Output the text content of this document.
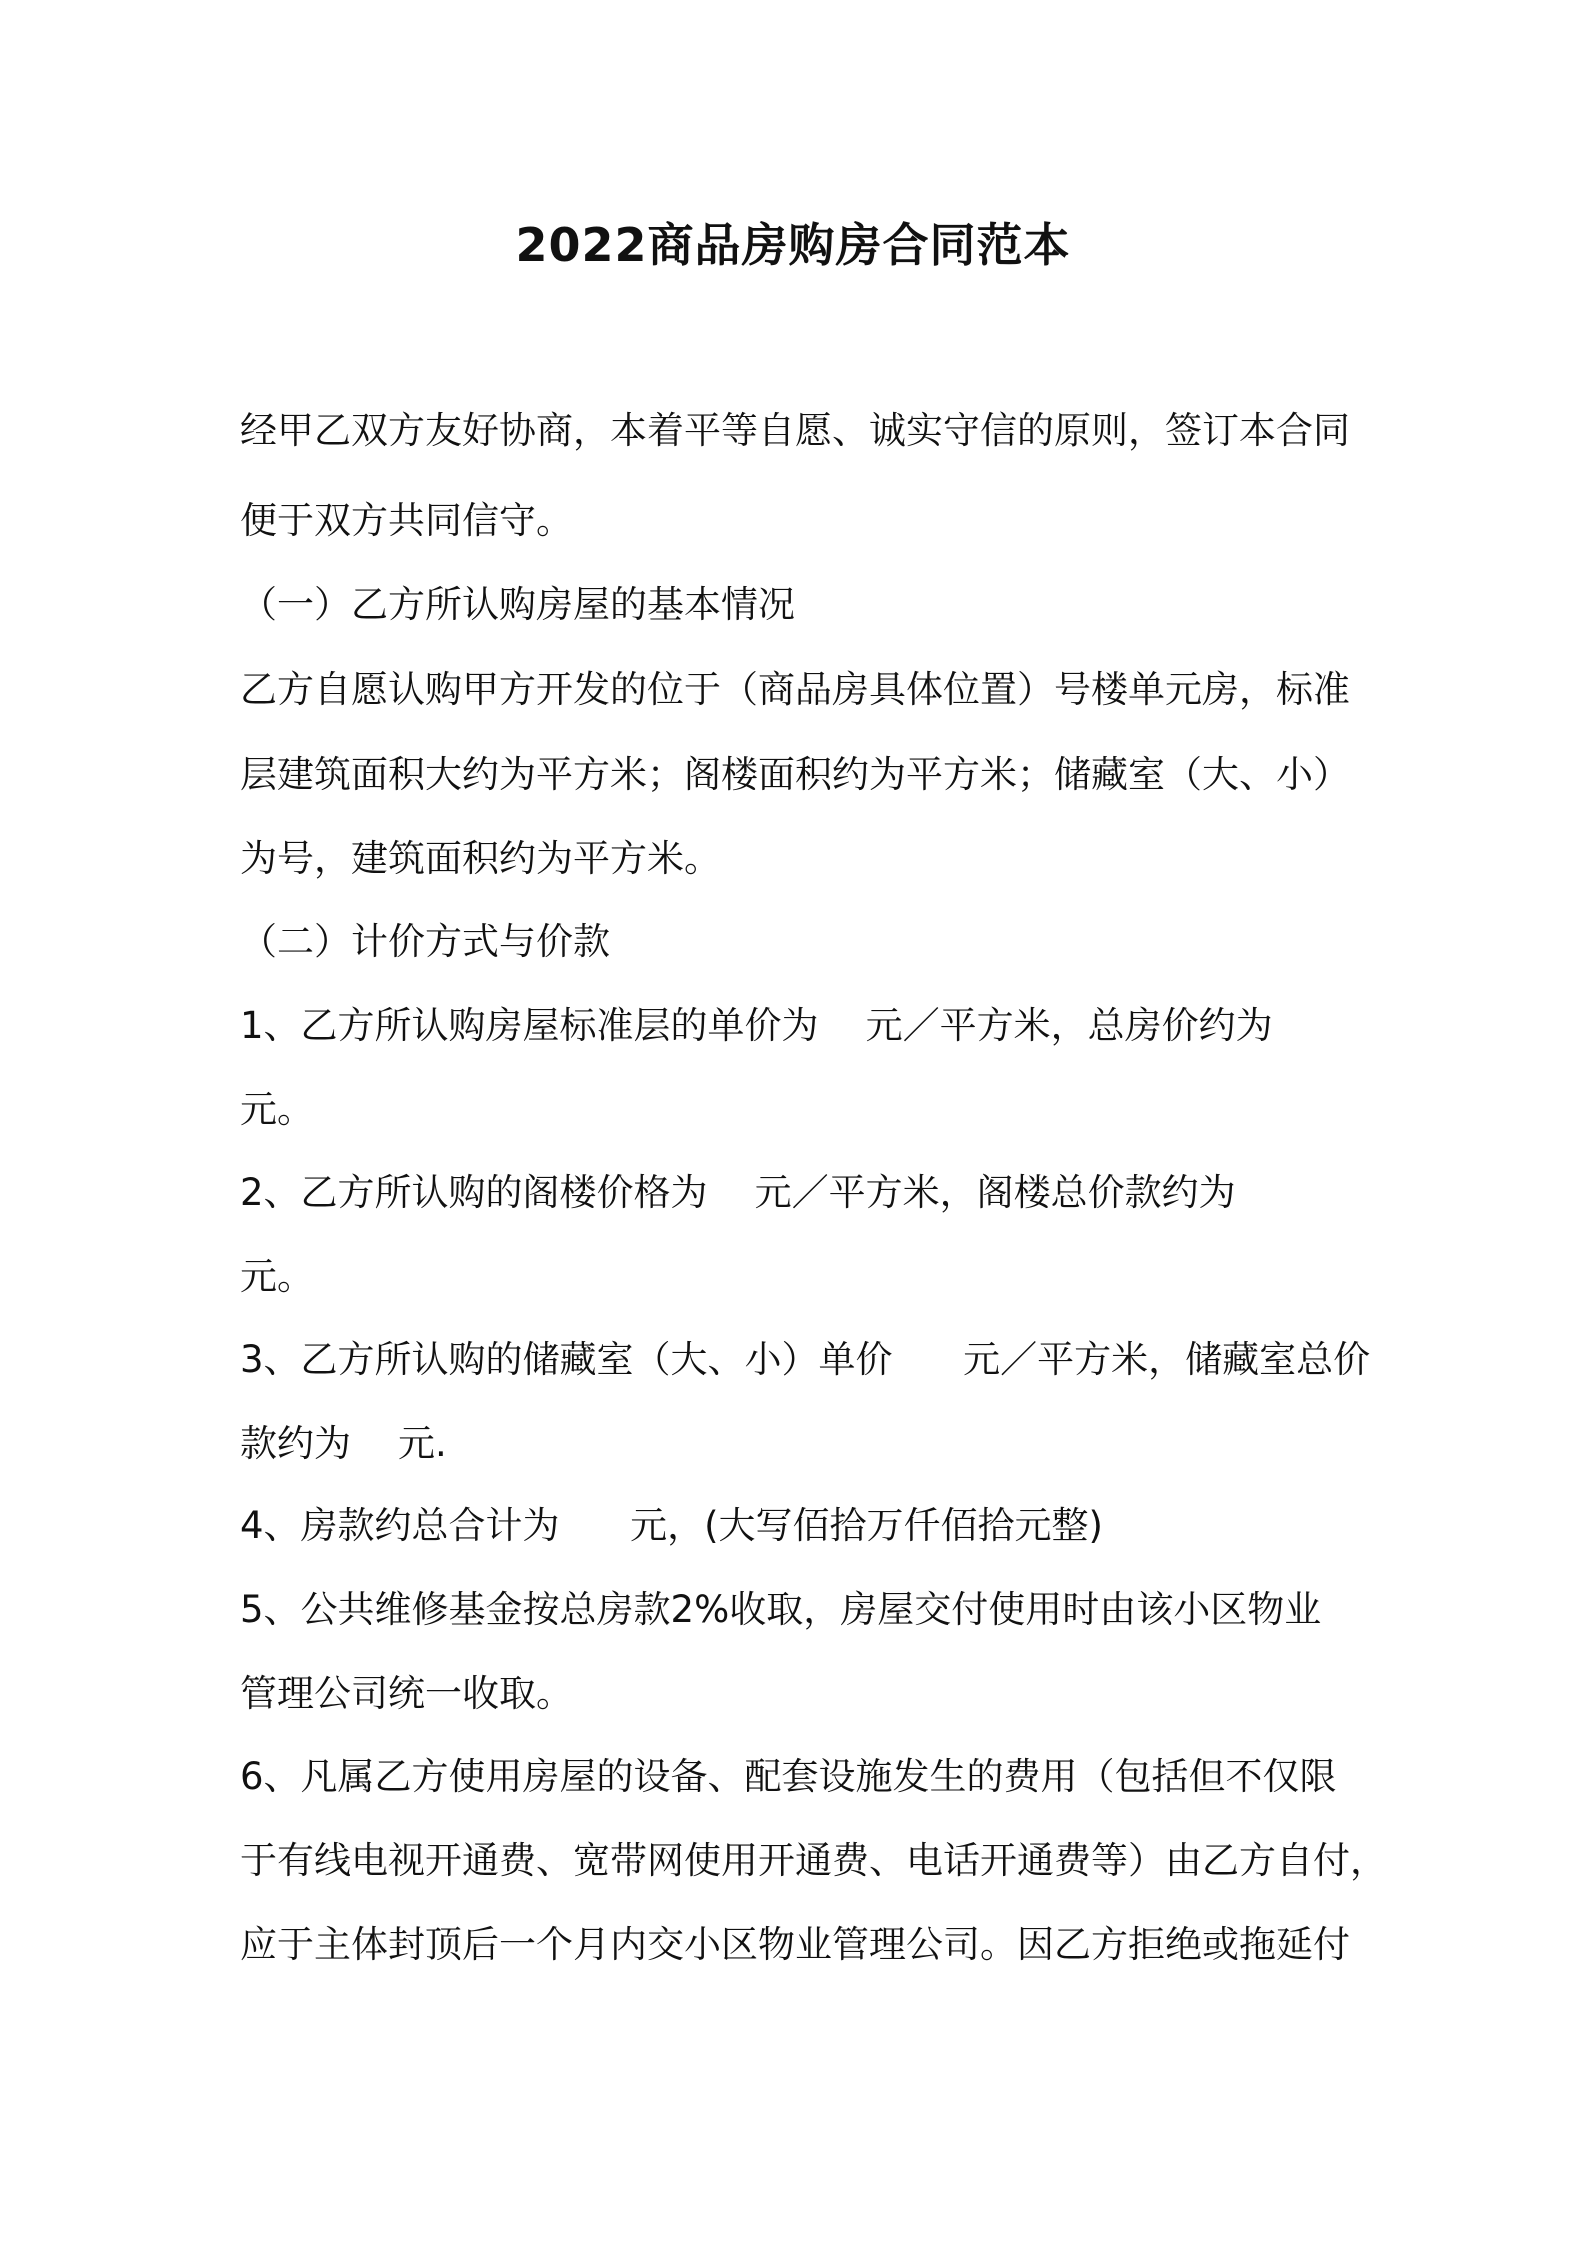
2022商品房购房合同范本
经甲乙双方友好协商，本着平等自愿、诚实守信的原则，签订本合同
便于双方共同信守。
（一）乙方所认购房屋的基本情况
乙方自愿认购甲方开发的位于（商品房具体位置）号楼单元房，标准
层建筑面积大约为平方米；阁楼面积约为平方米；储藏室（大、小）
为号，建筑面积约为平方米。
（二）计价方式与价款
1、乙方所认购房屋标准层的单价为    元／平方米，总房价约为
元。
2、乙方所认购的阁楼价格为    元／平方米，阁楼总价款约为
元。
3、乙方所认购的储藏室（大、小）单价      元／平方米，储藏室总价
款约为    元.
4、房款约总合计为      元，(大写佰拾万仟佰拾元整)
5、公共维修基金按总房款2%收取，房屋交付使用时由该小区物业
管理公司统一收取。
6、凡属乙方使用房屋的设备、配套设施发生的费用（包括但不仅限
于有线电视开通费、宽带网使用开通费、电话开通费等）由乙方自付，
应于主体封顶后一个月内交小区物业管理公司。因乙方拒绝或拖延付
